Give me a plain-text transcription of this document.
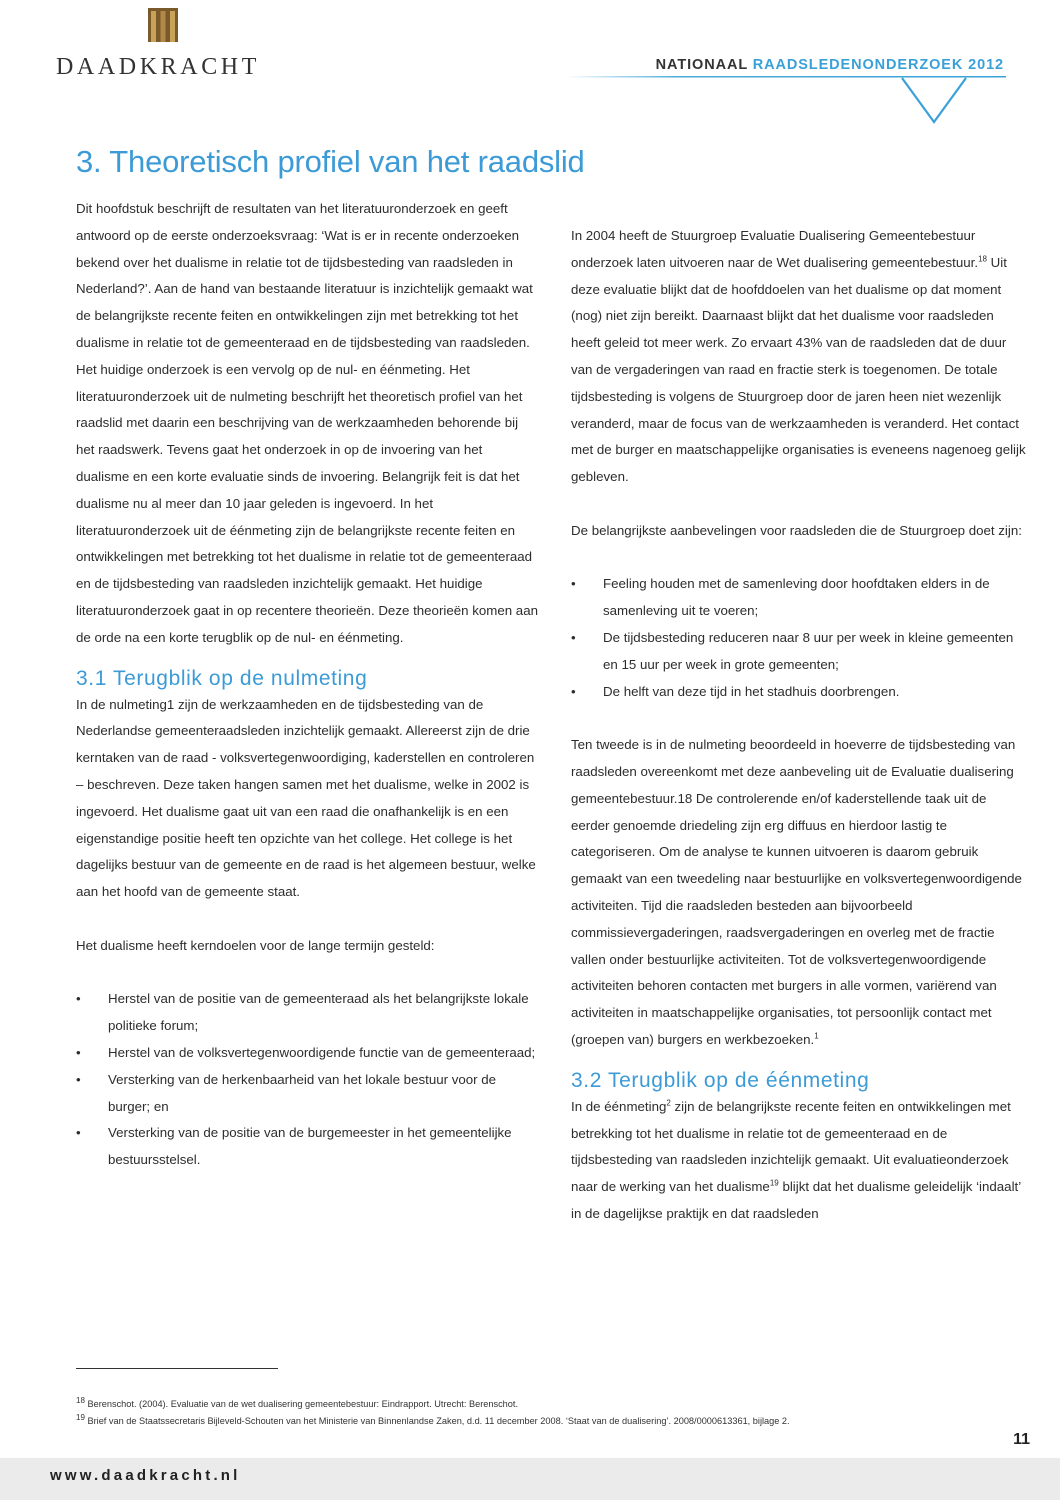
DAADKRACHT	NATIONAAL RAADSLEDENONDERZOEK 2012
3. Theoretisch profiel van het raadslid

Dit hoofdstuk beschrijft de resultaten van het literatuuronderzoek en geeft antwoord op de eerste onderzoeksvraag: ‘Wat is er in recente onderzoeken bekend over het dualisme in relatie tot de tijdsbesteding van raadsleden in Nederland?’. Aan de hand van bestaande literatuur is inzichtelijk gemaakt wat de belangrijkste recente feiten en ontwikkelingen zijn met betrekking tot het dualisme in relatie tot de gemeenteraad en de tijdsbesteding van raadsleden. Het huidige onderzoek is een vervolg op de nul- en éénmeting. Het literatuuronderzoek uit de nulmeting beschrijft het theoretisch profiel van het raadslid met daarin een beschrijving van de werkzaamheden behorende bij het raadswerk. Tevens gaat het onderzoek in op de invoering van het dualisme en een korte evaluatie sinds de invoering. Belangrijk feit is dat het dualisme nu al meer dan 10 jaar geleden is ingevoerd. In het literatuuronderzoek uit de éénmeting zijn de belangrijkste recente feiten en ontwikkelingen met betrekking tot het dualisme in relatie tot de gemeenteraad en de tijdsbesteding van raadsleden inzichtelijk gemaakt. Het huidige literatuuronderzoek gaat in op recentere theorieën. Deze theorieën komen aan de orde na een korte terugblik op de nul- en éénmeting.

3.1 Terugblik op de nulmeting

In de nulmeting1 zijn de werkzaamheden en de tijdsbesteding van de Nederlandse gemeenteraadsleden inzichtelijk gemaakt. Allereerst zijn de drie kerntaken van de raad - volksvertegenwoordiging, kaderstellen en controleren – beschreven. Deze taken hangen samen met het dualisme, welke in 2002 is ingevoerd. Het dualisme gaat uit van een raad die onafhankelijk is en een eigenstandige positie heeft ten opzichte van het college. Het college is het dagelijks bestuur van de gemeente en de raad is het algemeen bestuur, welke aan het hoofd van de gemeente staat.

Het dualisme heeft kerndoelen voor de lange termijn gesteld:

• Herstel van de positie van de gemeenteraad als het belangrijkste lokale politieke forum;
• Herstel van de volksvertegenwoordigende functie van de gemeenteraad;
• Versterking van de herkenbaarheid van het lokale bestuur voor de burger; en
• Versterking van de positie van de burgemeester in het gemeentelijke bestuursstelsel.

In 2004 heeft de Stuurgroep Evaluatie Dualisering Gemeentebestuur onderzoek laten uitvoeren naar de Wet dualisering gemeentebestuur.$^{18}$ Uit deze evaluatie blijkt dat de hoofddoelen van het dualisme op dat moment (nog) niet zijn bereikt. Daarnaast blijkt dat het dualisme voor raadsleden heeft geleid tot meer werk. Zo ervaart 43% van de raadsleden dat de duur van de vergaderingen van raad en fractie sterk is toegenomen. De totale tijdsbesteding is volgens de Stuurgroep door de jaren heen niet wezenlijk veranderd, maar de focus van de werkzaamheden is veranderd. Het contact met de burger en maatschappelijke organisaties is eveneens nagenoeg gelijk gebleven.

De belangrijkste aanbevelingen voor raadsleden die de Stuurgroep doet zijn:

• Feeling houden met de samenleving door hoofdtaken elders in de samenleving uit te voeren;
• De tijdsbesteding reduceren naar 8 uur per week in kleine gemeenten en 15 uur per week in grote gemeenten;
• De helft van deze tijd in het stadhuis doorbrengen.

Ten tweede is in de nulmeting beoordeeld in hoeverre de tijdsbesteding van raadsleden overeenkomt met deze aanbeveling uit de Evaluatie dualisering gemeentebestuur.18 De controlerende en/of kaderstellende taak uit de eerder genoemde driedeling zijn erg diffuus en hierdoor lastig te categoriseren. Om de analyse te kunnen uitvoeren is daarom gebruik gemaakt van een tweedeling naar bestuurlijke en volksvertegenwoordigende activiteiten. Tijd die raadsleden besteden aan bijvoorbeeld commissievergaderingen, raadsvergaderingen en overleg met de fractie vallen onder bestuurlijke activiteiten. Tot de volksvertegenwoordigende activiteiten behoren contacten met burgers in alle vormen, variërend van activiteiten in maatschappelijke organisaties, tot persoonlijk contact met (groepen van) burgers en werkbezoeken.$^1$

3.2 Terugblik op de éénmeting

In de éénmeting$^2$ zijn de belangrijkste recente feiten en ontwikkelingen met betrekking tot het dualisme in relatie tot de gemeenteraad en de tijdsbesteding van raadsleden inzichtelijk gemaakt. Uit evaluatieonderzoek naar de werking van het dualisme$^{19}$ blijkt dat het dualisme geleidelijk ‘indaalt’ in de dagelijkse praktijk en dat raadsleden

$^{18}$ Berenschot. (2004). Evaluatie van de wet dualisering gemeentebestuur: Eindrapport. Utrecht: Berenschot.

$^{19}$ Brief van de Staatssecretaris Bijleveld-Schouten van het Ministerie van Binnenlandse Zaken, d.d. 11 december 2008. ‘Staat van de dualisering’. 2008/0000613361, bijlage 2.

www.daadkracht.nl
11
